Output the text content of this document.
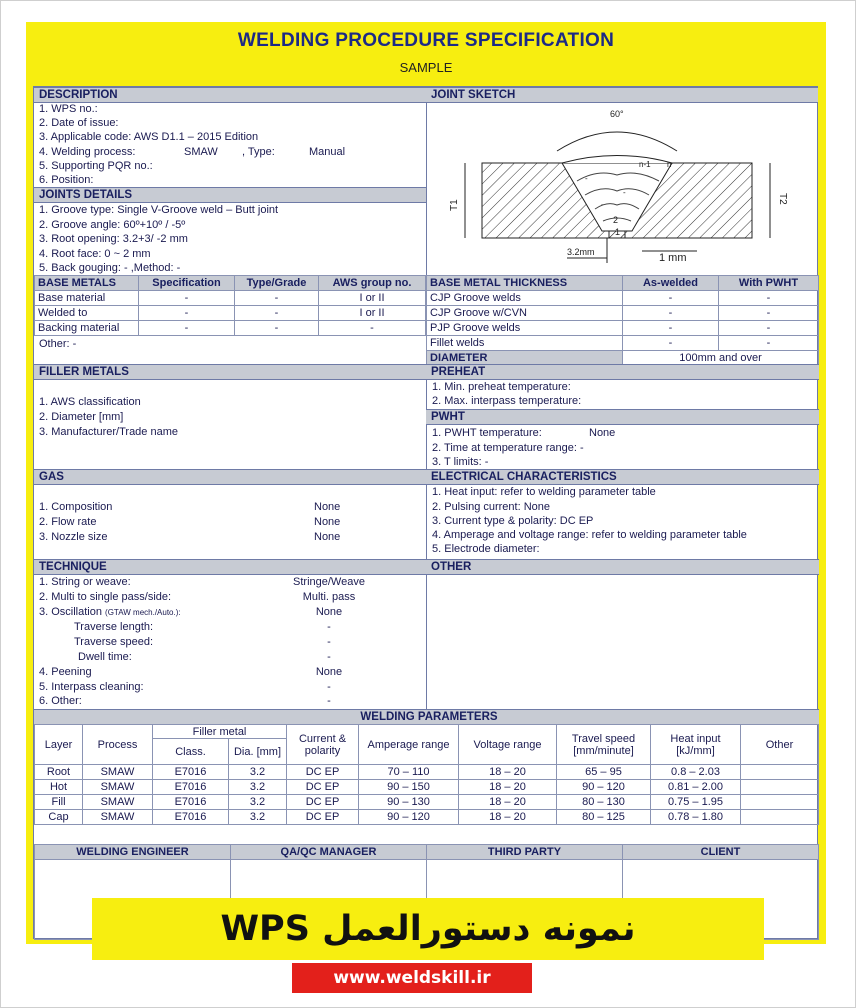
WELDING PROCEDURE SPECIFICATION
SAMPLE
DESCRIPTION
1. WPS no.:
2. Date of issue:
3. Applicable code: AWS D1.1 – 2015 Edition
4. Welding process:	SMAW , Type:	Manual
5. Supporting PQR no.:
6. Position:
JOINTS DETAILS
1. Groove type: Single V-Groove weld – Butt joint
2. Groove angle: 60º+10º / -5º
3. Root opening: 3.2+3/ -2 mm
4. Root face: 0 ~ 2 mm
5. Back gouging: - ,Method: -
JOINT SKETCH
60°
n-1 n
2
1
-
-
-
T1
T2
3.2mm	1 mm
BASE METALS	Specification	Type/Grade	AWS group no.
Base material	-	-	I or II
Welded to	-	-	I or II
Backing material	-	-	-
Other: -
BASE METAL THICKNESS	As-welded	With PWHT
CJP Groove welds	-	-
CJP Groove w/CVN	-	-
PJP Groove welds	-	-
Fillet welds	-	-
DIAMETER	100mm and over	
FILLER METALS
1. AWS classification
2. Diameter [mm]
3. Manufacturer/Trade name
PREHEAT
1. Min. preheat temperature:
2. Max. interpass temperature:
PWHT
1. PWHT temperature:	None
2. Time at temperature range: -
3. T limits: -
GAS
1. Composition	None
2. Flow rate	None
3. Nozzle size	None
ELECTRICAL CHARACTERISTICS
1. Heat input: refer to welding parameter table
2. Pulsing current: None
3. Current type & polarity: DC EP
4. Amperage and voltage range: refer to welding parameter table
5. Electrode diameter:
TECHNIQUE
1. String or weave:	Stringe/Weave
2. Multi to single pass/side:	Multi. pass
3. Oscillation (GTAW mech./Auto.):	None
Traverse length:	-
Traverse speed:	-
Dwell time:	-
4. Peening	None
5. Interpass cleaning:	-
6. Other:	-
OTHER
WELDING PARAMETERS
Layer	Process	Filler metal		Current & polarity	Amperage range	Voltage range	Travel speed [mm/minute]	Heat input [kJ/mm]	Other
		Class.	Dia. [mm]						
Root	SMAW	E7016	3.2	DC EP	70 – 110	18 – 20	65 – 95	0.8 – 2.03	
Hot	SMAW	E7016	3.2	DC EP	90 – 150	18 – 20	90 – 120	0.81 – 2.00	
Fill	SMAW	E7016	3.2	DC EP	90 – 130	18 – 20	80 – 130	0.75 – 1.95	
Cap	SMAW	E7016	3.2	DC EP	90 – 120	18 – 20	80 – 125	0.78 – 1.80	
WELDING ENGINEER	QA/QC MANAGER	THIRD PARTY	CLIENT

نمونه دستورالعمل WPS
www.weldskill.ir
